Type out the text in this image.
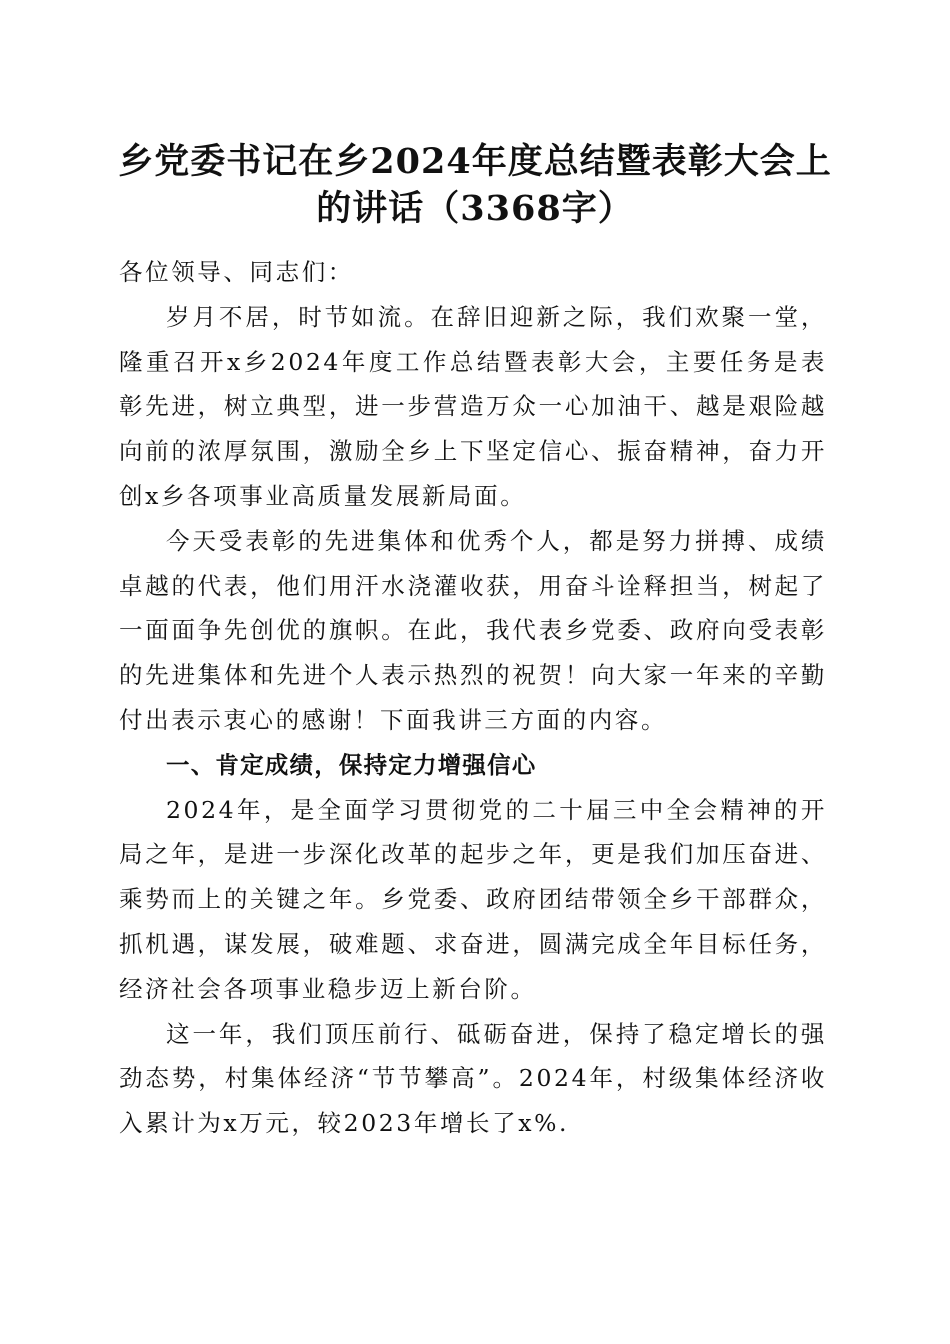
乡党委书记在乡2024年度总结暨表彰大会上
的讲话（3368字）

各位领导、同志们：

岁月不居，时节如流。在辞旧迎新之际，我们欢聚一堂，隆重召开x乡2024年度工作总结暨表彰大会，主要任务是表彰先进，树立典型，进一步营造万众一心加油干、越是艰险越向前的浓厚氛围，激励全乡上下坚定信心、振奋精神，奋力开创x乡各项事业高质量发展新局面。

今天受表彰的先进集体和优秀个人，都是努力拼搏、成绩卓越的代表，他们用汗水浇灌收获，用奋斗诠释担当，树起了一面面争先创优的旗帜。在此，我代表乡党委、政府向受表彰的先进集体和先进个人表示热烈的祝贺！向大家一年来的辛勤付出表示衷心的感谢！下面我讲三方面的内容。

一、肯定成绩，保持定力增强信心

2024年，是全面学习贯彻党的二十届三中全会精神的开局之年，是进一步深化改革的起步之年，更是我们加压奋进、乘势而上的关键之年。乡党委、政府团结带领全乡干部群众，抓机遇，谋发展，破难题、求奋进，圆满完成全年目标任务，经济社会各项事业稳步迈上新台阶。

这一年，我们顶压前行、砥砺奋进，保持了稳定增长的强劲态势，村集体经济“节节攀高”。2024年，村级集体经济收入累计为x万元，较2023年增长了x%.
